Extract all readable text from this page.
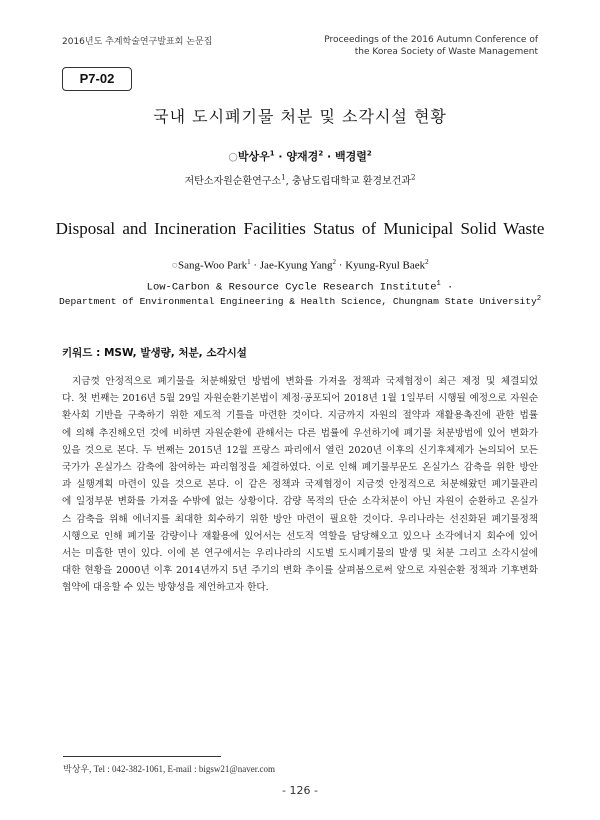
2016년도 추계학술연구발표회 논문집	Proceedings of the 2016 Autumn Conference of
the Korea Society of Waste Management
P7-02
국내 도시폐기물 처분 및 소각시설 현황
○박상우$^1$ · 양재경$^2$ · 백경렬$^2$
저탄소자원순환연구소$^1$, 충남도립대학교 환경보건과$^2$
Disposal and Incineration Facilities Status of Municipal Solid Waste
○Sang-Woo Park$^1$ · Jae-Kyung Yang$^2$ · Kyung-Ryul Baek$^2$
Low-Carbon & Resource Cycle Research Institute$^1$ ·
Department of Environmental Engineering & Health Science, Chungnam State University$^2$
키워드 : MSW, 발생량, 처분, 소각시설
지금껏 안정적으로 폐기물을 처분해왔던 방법에 변화를 가져올 정책과 국제협정이 최근 제정 및 체결되었
다. 첫 번째는 2016년 5월 29일 자원순환기본법이 제정·공포되어 2018년 1월 1일부터 시행될 예정으로 자원순
환사회 기반을 구축하기 위한 제도적 기틀을 마련한 것이다. 지금까지 자원의 절약과 재활용촉진에 관한 법률
에 의해 추진해오던 것에 비하면 자원순환에 관해서는 다른 법률에 우선하기에 폐기물 처분방법에 있어 변화가
있을 것으로 본다. 두 번째는 2015년 12월 프랑스 파리에서 열린 2020년 이후의 신기후체제가 논의되어 모든
국가가 온실가스 감축에 참여하는 파리협정을 체결하였다. 이로 인해 폐기물부문도 온실가스 감축을 위한 방안
과 실행계획 마련이 있을 것으로 본다. 이 같은 정책과 국제협정이 지금껏 안정적으로 처분해왔던 폐기물관리
에 일정부분 변화를 가져올 수밖에 없는 상황이다. 감량 목적의 단순 소각처분이 아닌 자원이 순환하고 온실가
스 감축을 위해 에너지를 최대한 회수하기 위한 방안 마련이 필요한 것이다. 우리나라는 선진화된 폐기물정책
시행으로 인해 폐기물 감량이나 재활용에 있어서는 선도적 역할을 담당해오고 있으나 소각에너지 회수에 있어
서는 미흡한 면이 있다. 이에 본 연구에서는 우리나라의 시도별 도시폐기물의 발생 및 처분 그리고 소각시설에
대한 현황을 2000년 이후 2014년까지 5년 주기의 변화 추이를 살펴봄으로써 앞으로 자원순환 정책과 기후변화
협약에 대응할 수 있는 방향성을 제언하고자 한다.
박상우, Tel : 042-382-1061, E-mail : bigsw21@naver.com
- 126 -
